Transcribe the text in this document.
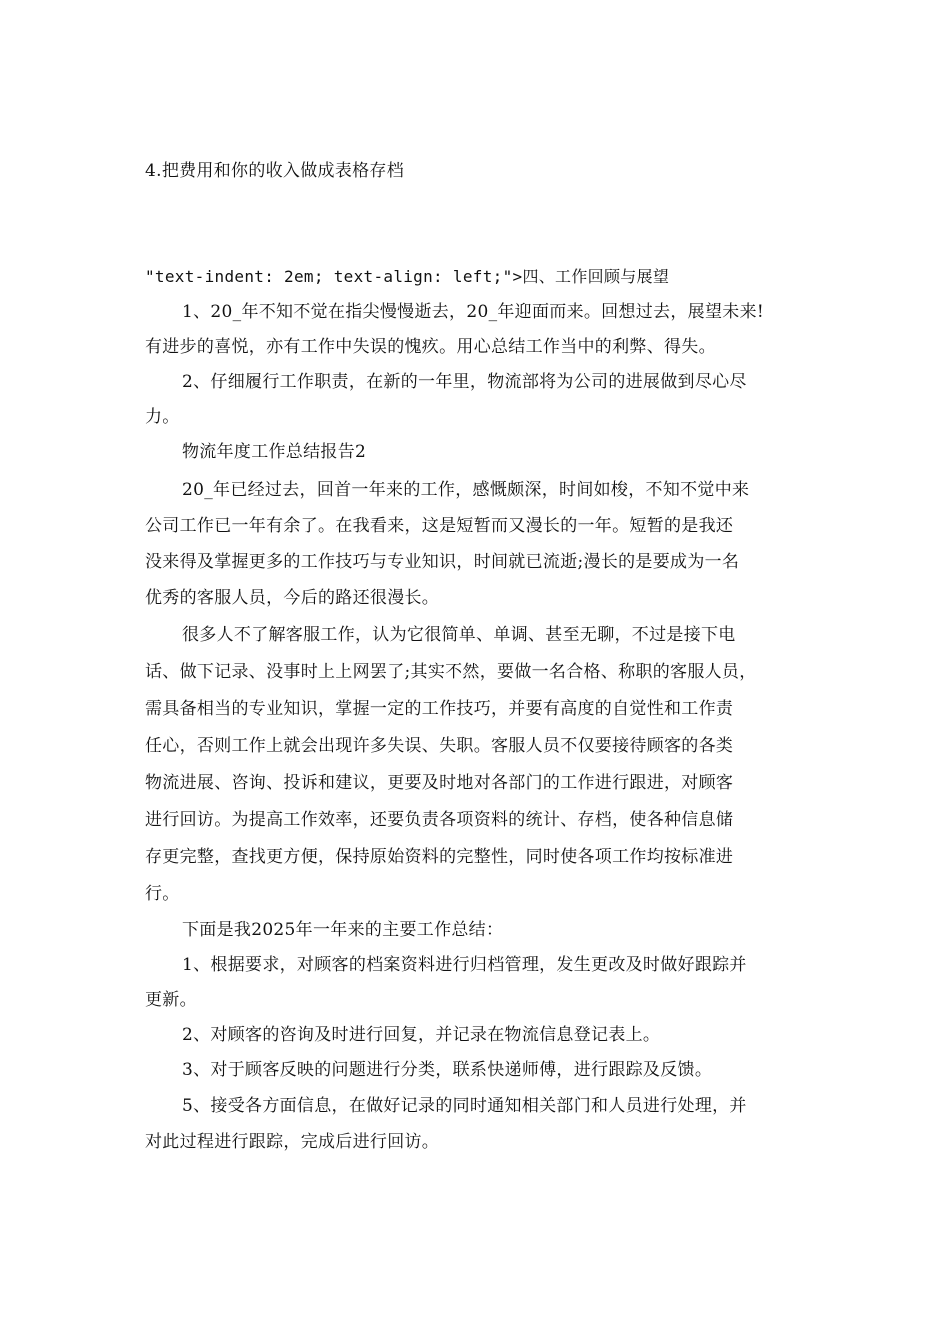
4.把费用和你的收入做成表格存档
"text-indent: 2em; text-align: left;">四、工作回顾与展望
1、20_年不知不觉在指尖慢慢逝去，20_年迎面而来。回想过去，展望未来!
有进步的喜悦，亦有工作中失误的愧疚。用心总结工作当中的利弊、得失。
2、仔细履行工作职责，在新的一年里，物流部将为公司的进展做到尽心尽
力。
物流年度工作总结报告2
20_年已经过去，回首一年来的工作，感慨颇深，时间如梭，不知不觉中来
公司工作已一年有余了。在我看来，这是短暂而又漫长的一年。短暂的是我还
没来得及掌握更多的工作技巧与专业知识，时间就已流逝;漫长的是要成为一名
优秀的客服人员，今后的路还很漫长。
很多人不了解客服工作，认为它很简单、单调、甚至无聊，不过是接下电
话、做下记录、没事时上上网罢了;其实不然，要做一名合格、称职的客服人员，
需具备相当的专业知识，掌握一定的工作技巧，并要有高度的自觉性和工作责
任心，否则工作上就会出现许多失误、失职。客服人员不仅要接待顾客的各类
物流进展、咨询、投诉和建议，更要及时地对各部门的工作进行跟进，对顾客
进行回访。为提高工作效率，还要负责各项资料的统计、存档，使各种信息储
存更完整，查找更方便，保持原始资料的完整性，同时使各项工作均按标准进
行。
下面是我2025年一年来的主要工作总结：
1、根据要求，对顾客的档案资料进行归档管理，发生更改及时做好跟踪并
更新。
2、对顾客的咨询及时进行回复，并记录在物流信息登记表上。
3、对于顾客反映的问题进行分类，联系快递师傅，进行跟踪及反馈。
5、接受各方面信息，在做好记录的同时通知相关部门和人员进行处理，并
对此过程进行跟踪，完成后进行回访。
